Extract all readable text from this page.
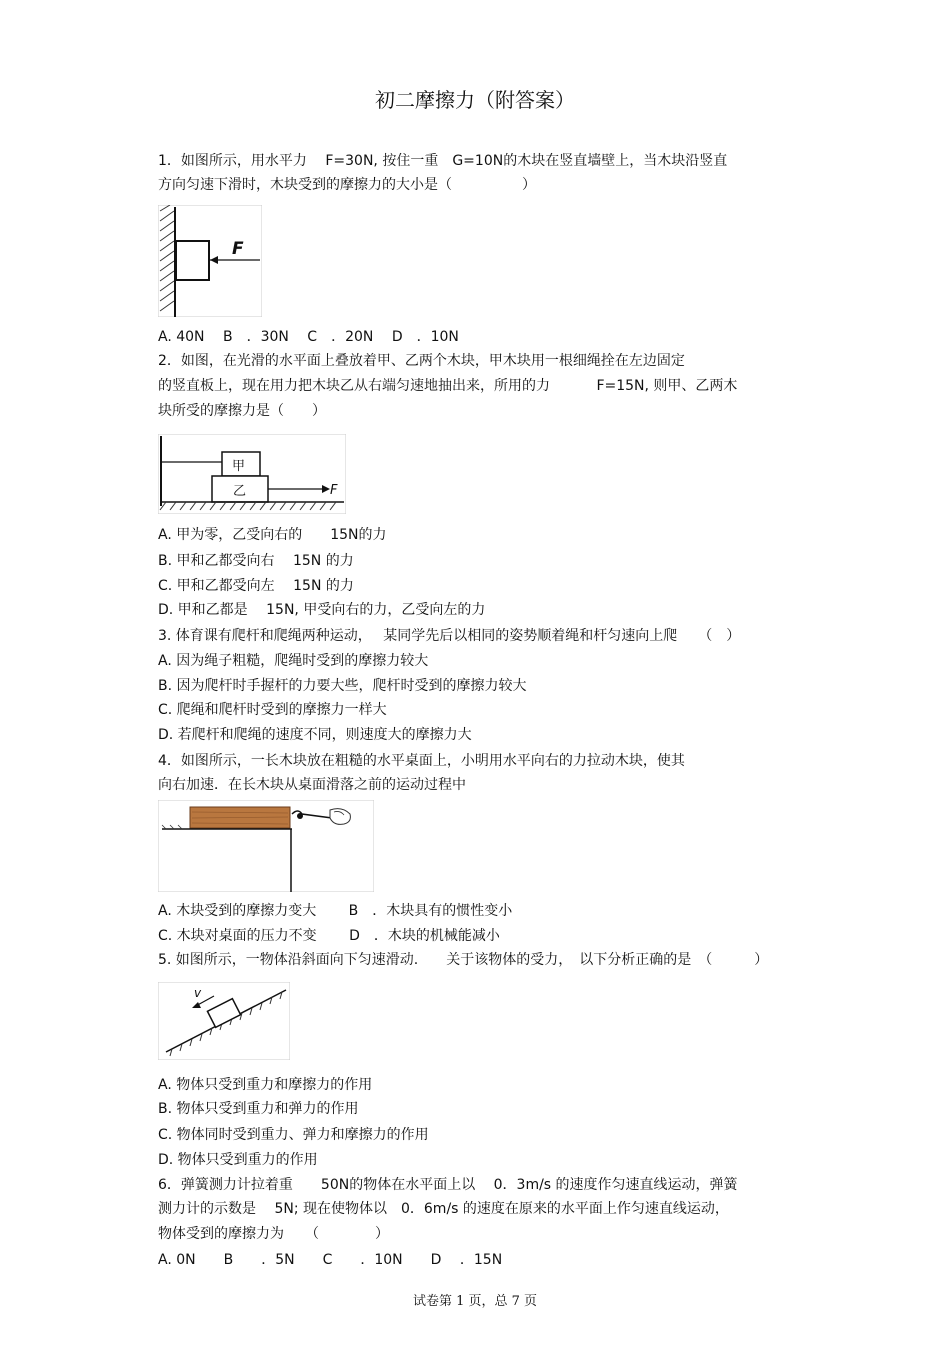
初二摩擦力（附答案）
1．如图所示，用水平力　 F=30N, 按住一重　G=10N的木块在竖直墙壁上，当木块沿竖直
方向匀速下滑时，木块受到的摩擦力的大小是（　　　　　）
F
A. 40N　 B　．30N　 C　．20N　 D　．10N
2．如图，在光滑的水平面上叠放着甲、乙两个木块，甲木块用一根细绳拴在左边固定
的竖直板上，现在用力把木块乙从右端匀速地抽出来，所用的力　　　 F=15N, 则甲、乙两木
块所受的摩擦力是（　　）
甲
乙	F
A. 甲为零，乙受向右的　　15N的力
B. 甲和乙都受向右　 15N 的力
C. 甲和乙都受向左　 15N 的力
D. 甲和乙都是　 15N, 甲受向右的力，乙受向左的力
3. 体育课有爬杆和爬绳两种运动，　 某同学先后以相同的姿势顺着绳和杆匀速向上爬　　（　）
A. 因为绳子粗糙，爬绳时受到的摩擦力较大
B. 因为爬杆时手握杆的力要大些，爬杆时受到的摩擦力较大
C. 爬绳和爬杆时受到的摩擦力一样大
D. 若爬杆和爬绳的速度不同，则速度大的摩擦力大
4．如图所示，一长木块放在粗糙的水平桌面上，小明用水平向右的力拉动木块，使其
向右加速．在长木块从桌面滑落之前的运动过程中
A. 木块受到的摩擦力变大　　 B　．木块具有的惯性变小
C. 木块对桌面的压力不变　　 D　．木块的机械能减小
5. 如图所示，一物体沿斜面向下匀速滑动.　　关于该物体的受力，　以下分析正确的是　（　　　）
v
A. 物体只受到重力和摩擦力的作用
B. 物体只受到重力和弹力的作用
C. 物体同时受到重力、弹力和摩擦力的作用
D. 物体只受到重力的作用
6．弹簧测力计拉着重　　50N的物体在水平面上以　 0．3m/s 的速度作匀速直线运动，弹簧
测力计的示数是　 5N; 现在使物体以　0．6m/s 的速度在原来的水平面上作匀速直线运动，
物体受到的摩擦力为　　（　　　　）
A. 0N　　B　　．5N　　C　　．10N　　D　 ．15N
试卷第 1 页，总 7 页
